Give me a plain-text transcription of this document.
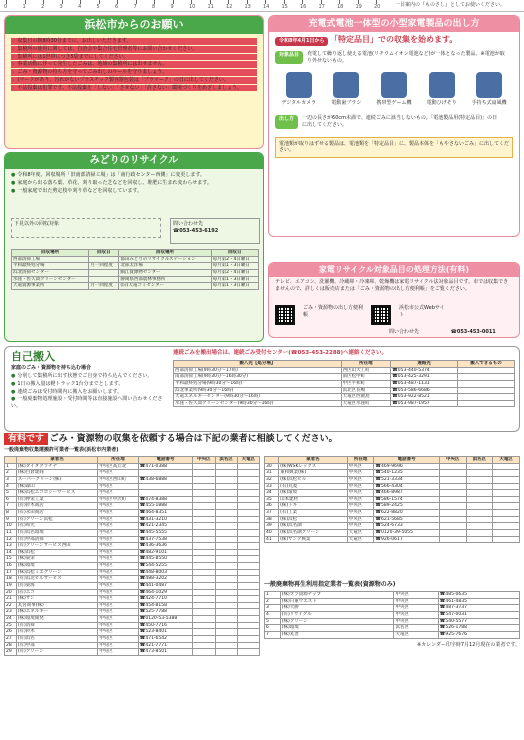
0	1	2	3	4	5	6	7	8	9	10 11 12 13 14 15 16 17 18 19 20	一目案内の『ものさし』としてお使いください。
浜松市からのお願い
● 収集日の朝8時30分までに、お出しいただきます。
● 集積所の使用に関しては、自治会や集合住宅管理者等にお問い合わせください。
● 集積所には1世帯につき5袋までにしてください。
● 事業活動に伴って発生したごみは、地域の集積所には出せません。
● ごみ・資源物の持ち方を守ってごみ出しのルールを守りましょう。
● (マークがあり、汚れがないプラスチック製容器包装は「プラマーク」の日に出してください。
● 不法投棄は犯罪です。不法投棄を「しない」「させない」「許さない」環境づくりをめざしましょう。
みどりのリサイクル
● 令和8年度、回収場所「旧南部清掃工場」は「南行政センター西側」に変更します。
● 家庭から出る落ち葉、草花、刈り取った芝などを回収し、堆肥に生まれ変わらせます。
● 一般家庭で出た剪定枝や刈り草などを回収しています。
下見以外の回収対象	問い合わせ先
☎053-453-6192
回収場所	回収日	回収場所	回収日
西部清掃工場		都田みどりのリサイクルステーション	毎月第2・4日曜日
平和最終処分場	月一回程度	北部太洋場	毎月第1・3日曜日
浜北清掃センター		細江資源物センター	毎月第2・4日曜日
水窪・佐久間クリーンセンター		静岡県西部農林事務所	毎月第1・3日曜日
天竜資源事業所	月一回程度	(旧)天竜ゴミセンター	毎月第1・3日曜日
充電式電池一体型の小型家電製品の出し方
令和8年4月1日から 「特定品目」での収集を始めます。
対象品目	充電して繰り返し使える電池(リチウムイオン電池など)が一体となった製品。※電池が取り外せないもの。
デジタルカメラ	電動歯ブラシ	携帯型ゲーム機	電動ひげそり	手持ち式扇風機
出し方	一辺の長さが60cm未満で、連続ごみに該当しないもの。「電池製品用(特定品目)」の日に出してください。
電池類が取りはずせる製品は、電池類を「特定品目」に、製品本体を「もやさないごみ」に出してください。
家電リサイクル対象品目の処理方法(有料)
テレビ、エアコン、洗濯機、冷蔵庫・冷凍庫、乾燥機は家電リサイクル法対象品目です。市では収集できませんので、詳しくは販売店または「ごみ・資源物の出し方便利帳」をご覧ください。
ごみ・資源物の出し方便利帳
浜松市公式Webサイト
問い合わせ先	☎053-453-0011
自己搬入
家庭のごみ・資源物を持ち込む場合
● 分別して集積所に出す状態でご自身で持ち込んでください。
● 1日の搬入量は軽トラック1台分までとします。
● 連続ごみは受付時間内に搬入をお願いします。
● 一般廃棄物処理施設・受付時間等は直接施設へ問い合わせください。
連続ごみを搬出場合は、連続ごみ受付センター(☎053-453-2288)へ連絡ください。
搬入先【処分場】	所在地	連絡先	搬入できるもの
西部清掃工場(9時30分〜17時)	西区山大工町	☎053-440-5374	
南部清掃工場(9時30分〜16時30分)	南区松中町	☎053-425-3291	
平和最終処分場(9時30分〜16時)	中区平和町	☎053-487-1131	
浜北事業所(9時30分〜16時)	浜北区長嶋	☎053-586-6686	
天竜エネルギーセンター(9時30分〜16時)	天竜区西鹿島	☎053-922-8521	
水窪・佐久間クリーンセンター(9時30分〜16時)	天竜区水窪町	☎053-987-1957	
有料です ごみ・資源物の収集を依頼する場合は下記の業者に相談してください。
一般廃棄物収集運搬許可業者一覧表(浜松市内業者)
	業者名	所在地	電話番号	中央区	浜名区	天竜区
1	(株)ダイタクラチナ	中央区高丘北	☎471-0388			
2	(株)白倉建商	中央区				
3	スーパークリーン(株)	中央区西山町	☎438-6888			
4	(株)森山	中央区				
5	(株)浜松エコロジーサービス	中央区				
6	(有)伸栄工業	中央区中沢町	☎474-8388			
7	(有)鈴木商店	中央区	☎455-1888			
8	(有)永田商店	中央区	☎464-8351			
9	(有)クリーン浜松	中央区	☎431-3210			
10	(有)和光	中央区	☎421-2345			
11	(有)浜名環境	中央区	☎445-5555			
12	(有)中部清掃	中央区	☎437-7538			
13	(有)クリーンサービス西田	中央区	☎436-3636			
14	(株)浜松	中央区	☎482-9101			
15	(株)東栄	中央区	☎445-8550			
16	(株)環境	中央区	☎544-5255			
17	(株)浜松ミエクリーン	中央区	☎448-8003			
18	(有)浜北ビルサービス	中央区	☎488-3202			
19	(有)東海	中央区	☎441-0487			
20	(有)エコ	中央区	☎464-1029			
21	(株)サン	中央区	☎424-7710			
22	丸宮商事(株)	中央区	☎454-8158			
23	(株)エネルギー	中央区	☎525-7788			
24	(株)環境開発	中央区	☎0120-53-5388			
25	(有)清掃	中央区	☎450-7716			
26	(有)鈴木	中央区	☎523-8401			
27	(有)浜名	中央区	☎471-6542			
28	(有)中部	中央区	☎421-7771			
29	(有)クリーン	中央区	☎473-8501			
	業者名	所在地	電話番号	中央区	浜名区	天竜区
30	(株)WSKレックス	中央区	☎469-9696			
31	東和興業(株)	中央区	☎540-1235			
32	(株)浜松ビル	中央区	☎521-3334			
33	(有)丸菱	中央区	☎566-4304			
34	(株)環境	中央区	☎466-8987			
35	山本建材	中央区	☎586-1574			
36	(株)トキ	中央区	☎589-2425			
37	(有)工業	中央区	☎622-8820			
38	(株)浜松	中央区	☎621-5685			
39	(株)浜名湖	中央区	☎524-6733			
40	(株)浜名湖クリーン	天竜区	☎0120-39-5055			
41	(株)サング興業	天竜区	☎926-0617			
一般廃棄物再生利用指定業者一覧表(資源物のみ)
1	(株)プラ資源チップ	中央区	☎485-0635
2	(株)日東ウエスト	中央区	☎461-4835
3	(株)大勝	中央区	☎487-3737
4	(有)リサイクル	中央区	☎547-0031
5	(株)クリーン	中央区	☎540-5577
6	(株)環境	浜名区	☎526-1788
7	(株)丸善	天竜区	☎925-7676
※カレンダー印字時7月12月現在の業者です。
